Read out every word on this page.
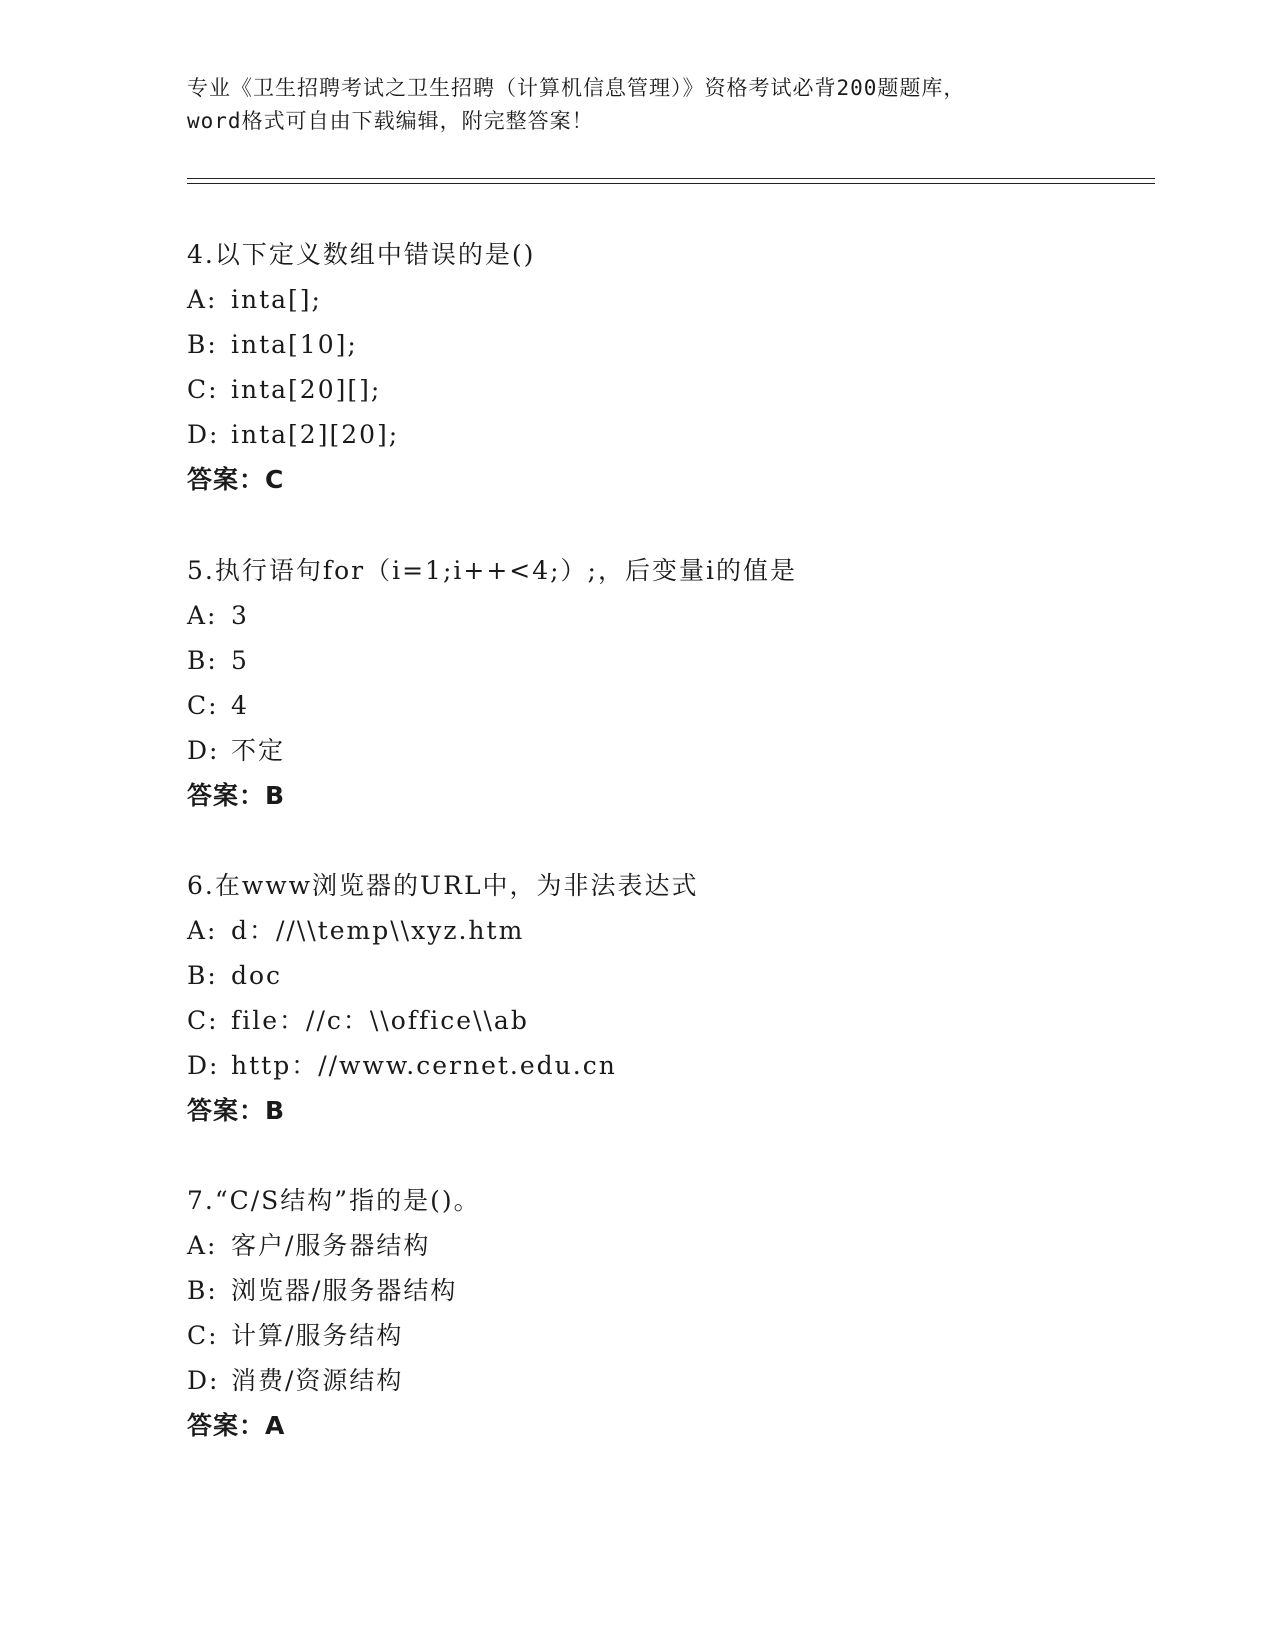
专业《卫生招聘考试之卫生招聘（计算机信息管理）》资格考试必背200题题库，
word格式可自由下载编辑，附完整答案！
4.以下定义数组中错误的是()
A: inta[];
B: inta[10];
C: inta[20][];
D: inta[2][20];
答案：C
5.执行语句for（i=1;i++<4;）;，后变量i的值是
A: 3
B: 5
C: 4
D: 不定
答案：B
6.在www浏览器的URL中，为非法表达式
A: d：//\\temp\\xyz.htm
B: doc
C: file：//c：\\office\\ab
D: http：//www.cernet.edu.cn
答案：B
7.“C/S结构”指的是()。
A: 客户/服务器结构
B: 浏览器/服务器结构
C: 计算/服务结构
D: 消费/资源结构
答案：A
